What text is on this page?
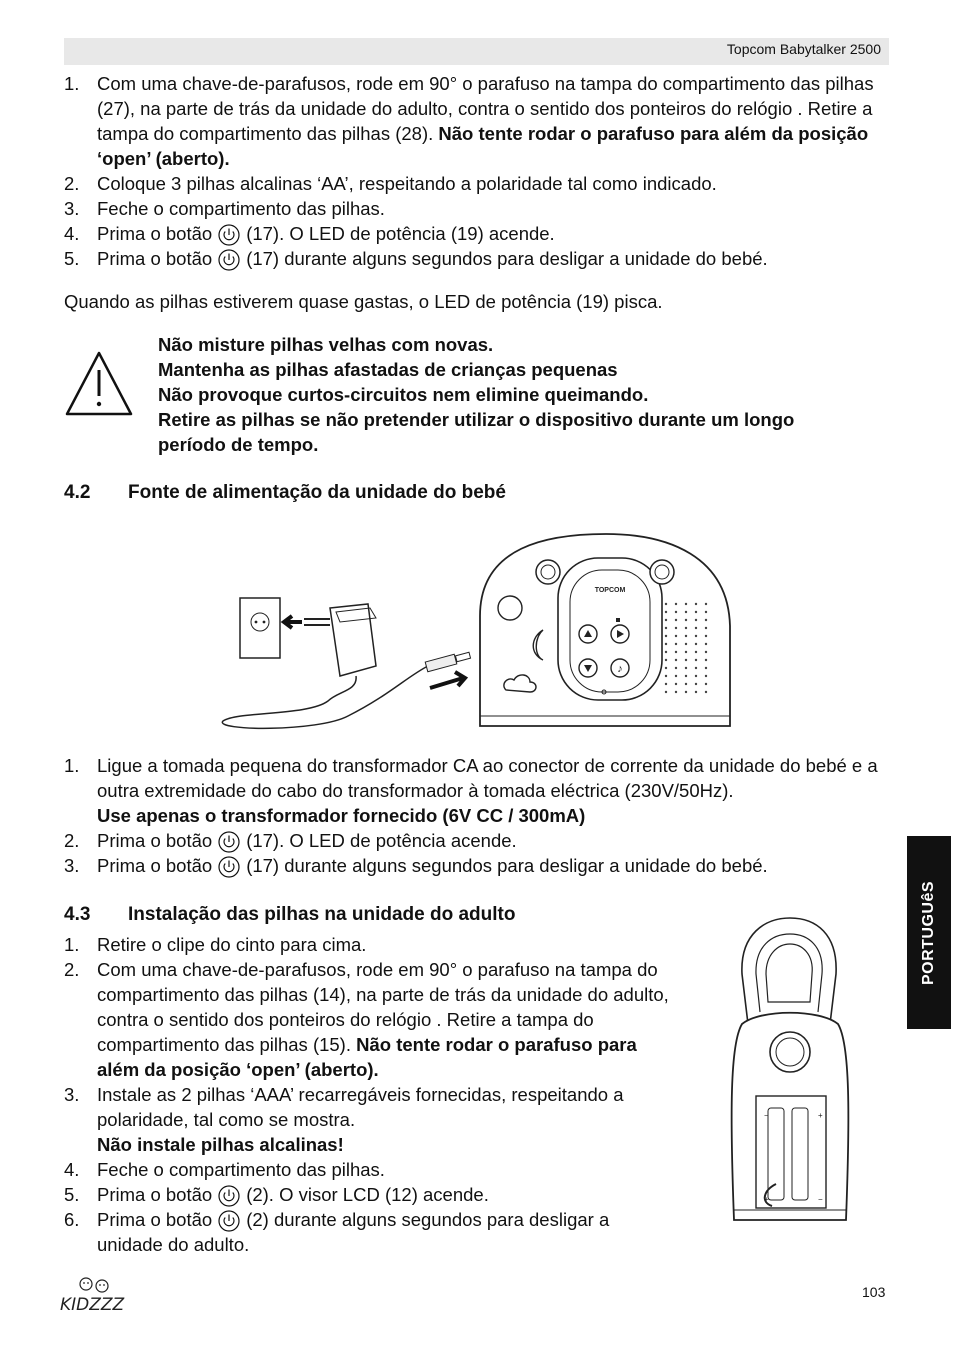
Topcom Babytalker 2500
1. Com uma chave-de-parafusos, rode em 90° o parafuso na tampa do compartimento das pilhas (27), na parte de trás da unidade do adulto, contra o sentido dos ponteiros do relógio . Retire a tampa do compartimento das pilhas (28). Não tente rodar o parafuso para além da posição ‘open’ (aberto).
2. Coloque 3 pilhas alcalinas ‘AA’, respeitando a polaridade tal como indicado.
3. Feche o compartimento das pilhas.
4. Prima o botão (17). O LED de potência (19) acende.
5. Prima o botão (17) durante alguns segundos para desligar a unidade do bebé.
Quando as pilhas estiverem quase gastas, o LED de potência (19) pisca.
Não misture pilhas velhas com novas.
Mantenha as pilhas afastadas de crianças pequenas
Não provoque curtos-circuitos nem elimine queimando.
Retire as pilhas se não pretender utilizar o dispositivo durante um longo
período de tempo.
4.2 Fonte de alimentação da unidade do bebé
TOPCOM
♪
1. Ligue a tomada pequena do transformador CA ao conector de corrente da unidade do bebé e a outra extremidade do cabo do transformador à tomada eléctrica (230V/50Hz).
Use apenas o transformador fornecido (6V CC / 300mA)
2. Prima o botão (17). O LED de potência acende.
3. Prima o botão (17) durante alguns segundos para desligar a unidade do bebé.
4.3 Instalação das pilhas na unidade do adulto
1. Retire o clipe do cinto para cima.
2. Com uma chave-de-parafusos, rode em 90° o parafuso na tampa do compartimento das pilhas (14), na parte de trás da unidade do adulto, contra o sentido dos ponteiros do relógio . Retire a tampa do compartimento das pilhas (15). Não tente rodar o parafuso para além da posição ‘open’ (aberto).
3. Instale as 2 pilhas ‘AAA’ recarregáveis fornecidas, respeitando a polaridade, tal como se mostra.
Não instale pilhas alcalinas!
4. Feche o compartimento das pilhas.
5. Prima o botão (2). O visor LCD (12) acende.
6. Prima o botão (2) durante alguns segundos para desligar a unidade do adulto.
−	+
+	−
PORTUGUêS
KIDZZZ
103
